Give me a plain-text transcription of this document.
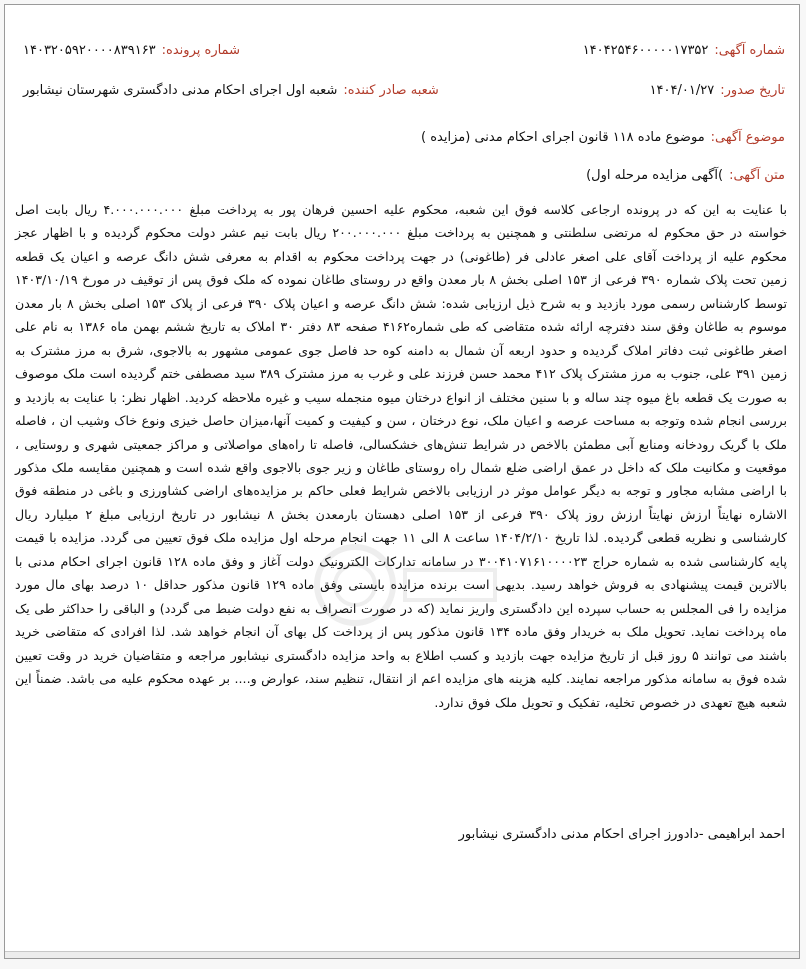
شماره آگهی:
۱۴۰۴۲۵۴۶۰۰۰۰۰۱۷۳۵۲
شماره پرونده:
۱۴۰۳۲۰۵۹۲۰۰۰۰۸۳۹۱۶۳
تاریخ صدور:
۱۴۰۴/۰۱/۲۷
شعبه صادر کننده:
شعبه اول اجرای احکام مدنی دادگستری شهرستان نیشابور
موضوع آگهی:
موضوع ماده ۱۱۸ قانون اجرای احکام مدنی (مزایده )
متن آگهی:
)آگهی مزایده مرحله اول)
با عنایت به این که در پرونده ارجاعی کلاسه فوق این شعبه، محکوم علیه احسین فرهان پور به پرداخت مبلغ ۴.۰۰۰.۰۰۰.۰۰۰ ریال بابت اصل خواسته در حق محکوم له مرتضی سلطنتی و همچنین به پرداخت مبلغ ۲۰۰.۰۰۰.۰۰۰ ریال بابت نیم عشر دولت محکوم گردیده و با اظهار عجز محکوم علیه از پرداخت آقای علی اصغر عادلی فر (طاغونی) در جهت پرداخت محکوم به اقدام به معرفی شش دانگ عرصه و اعیان یک قطعه زمین تحت پلاک شماره ۳۹۰ فرعی از ۱۵۳ اصلی بخش ۸ بار معدن واقع در روستای طاغان نموده که ملک فوق پس از توقیف در مورخ ۱۴۰۳/۱۰/۱۹ توسط کارشناس رسمی مورد بازدید و به شرح ذیل ارزیابی شده: شش دانگ عرصه و اعیان پلاک ۳۹۰ فرعی از پلاک ۱۵۳ اصلی بخش ۸ بار معدن موسوم به طاغان وفق سند دفترچه ارائه شده متقاضی که طی شماره۴۱۶۲ صفحه ۸۳ دفتر ۳۰ املاک به تاریخ ششم بهمن ماه ۱۳۸۶ به نام علی اصغر طاغونی ثبت دفاتر املاک گردیده و حدود اربعه آن شمال به دامنه کوه حد فاصل جوی عمومی مشهور به بالاجوی، شرق به مرز مشترک به زمین ۳۹۱ علی، جنوب به مرز مشترک پلاک ۴۱۲ محمد حسن فرزند علی و غرب به مرز مشترک ۳۸۹ سید مصطفی ختم گردیده است ملک موصوف به صورت یک قطعه باغ میوه چند ساله و با سنین مختلف از انواع درختان میوه منجمله سیب و غیره ملاحظه کردید. اظهار نظر: با عنایت به بازدید و بررسی انجام شده وتوجه به مساحت عرصه و اعیان ملک، نوع درختان ، سن و کیفیت و کمیت آنها،میزان حاصل خیزی ونوع خاک وشیب ان ، فاصله ملک با گریک رودخانه ومنابع آبی مطمئن بالاخص در شرایط تنش‌های خشکسالی، فاصله تا راه‌های مواصلاتی و مراکز جمعیتی شهری و روستایی ، موقعیت و مکانیت ملک که داخل در عمق اراضی ضلع شمال راه روستای طاغان و زیر جوی بالاجوی واقع شده است و همچنین مقایسه ملک مذکور با اراضی مشابه مجاور و توجه به دیگر عوامل موثر در ارزیابی بالاخص شرایط فعلی حاکم بر مزایده‌های اراضی کشاورزی و باغی در منطقه فوق الاشاره نهایتاً ارزش نهایتاً ارزش روز پلاک ۳۹۰ فرعی از ۱۵۳ اصلی دهستان بارمعدن بخش ۸ نیشابور در تاریخ ارزیابی مبلغ ۲ میلیارد ریال کارشناسی و نظریه قطعی گردیده. لذا تاریخ ۱۴۰۴/۲/۱۰ ساعت ۸ الی ۱۱ جهت انجام مرحله اول مزایده ملک فوق تعیین می گردد. مزایده با قیمت پایه کارشناسی شده به شماره حراج ۳۰۰۴۱۰۷۱۶۱۰۰۰۰۲۳ در سامانه تدارکات الکترونیک دولت آغاز و وفق ماده ۱۲۸ قانون اجرای احکام مدنی با بالاترین قیمت پیشنهادی به فروش خواهد رسید. بدیهی است برنده مزایده بایستی وفق ماده ۱۲۹ قانون مذکور حداقل ۱۰ درصد بهای مال مورد مزایده را فی المجلس به حساب سپرده این دادگستری واریز نماید (که در صورت انصراف به نفع دولت ضبط می گردد) و الباقی را حداکثر طی یک ماه پرداخت نماید. تحویل ملک به خریدار وفق ماده ۱۳۴ قانون مذکور پس از پرداخت کل بهای آن انجام خواهد شد. لذا افرادی که متقاضی خرید باشند می توانند ۵ روز قبل از تاریخ مزایده جهت بازدید و کسب اطلاع به واحد مزایده دادگستری نیشابور مراجعه و متقاضیان خرید در وقت تعیین شده فوق به سامانه مذکور مراجعه نمایند. کلیه هزینه های مزایده اعم از انتقال، تنظیم سند، عوارض و.... بر عهده محکوم علیه می باشد. ضمناً این شعبه هیچ تعهدی در خصوص تخلیه، تفکیک و تحویل ملک فوق ندارد.
احمد ابراهیمی -دادورز اجرای احکام مدنی دادگستری نیشابور
